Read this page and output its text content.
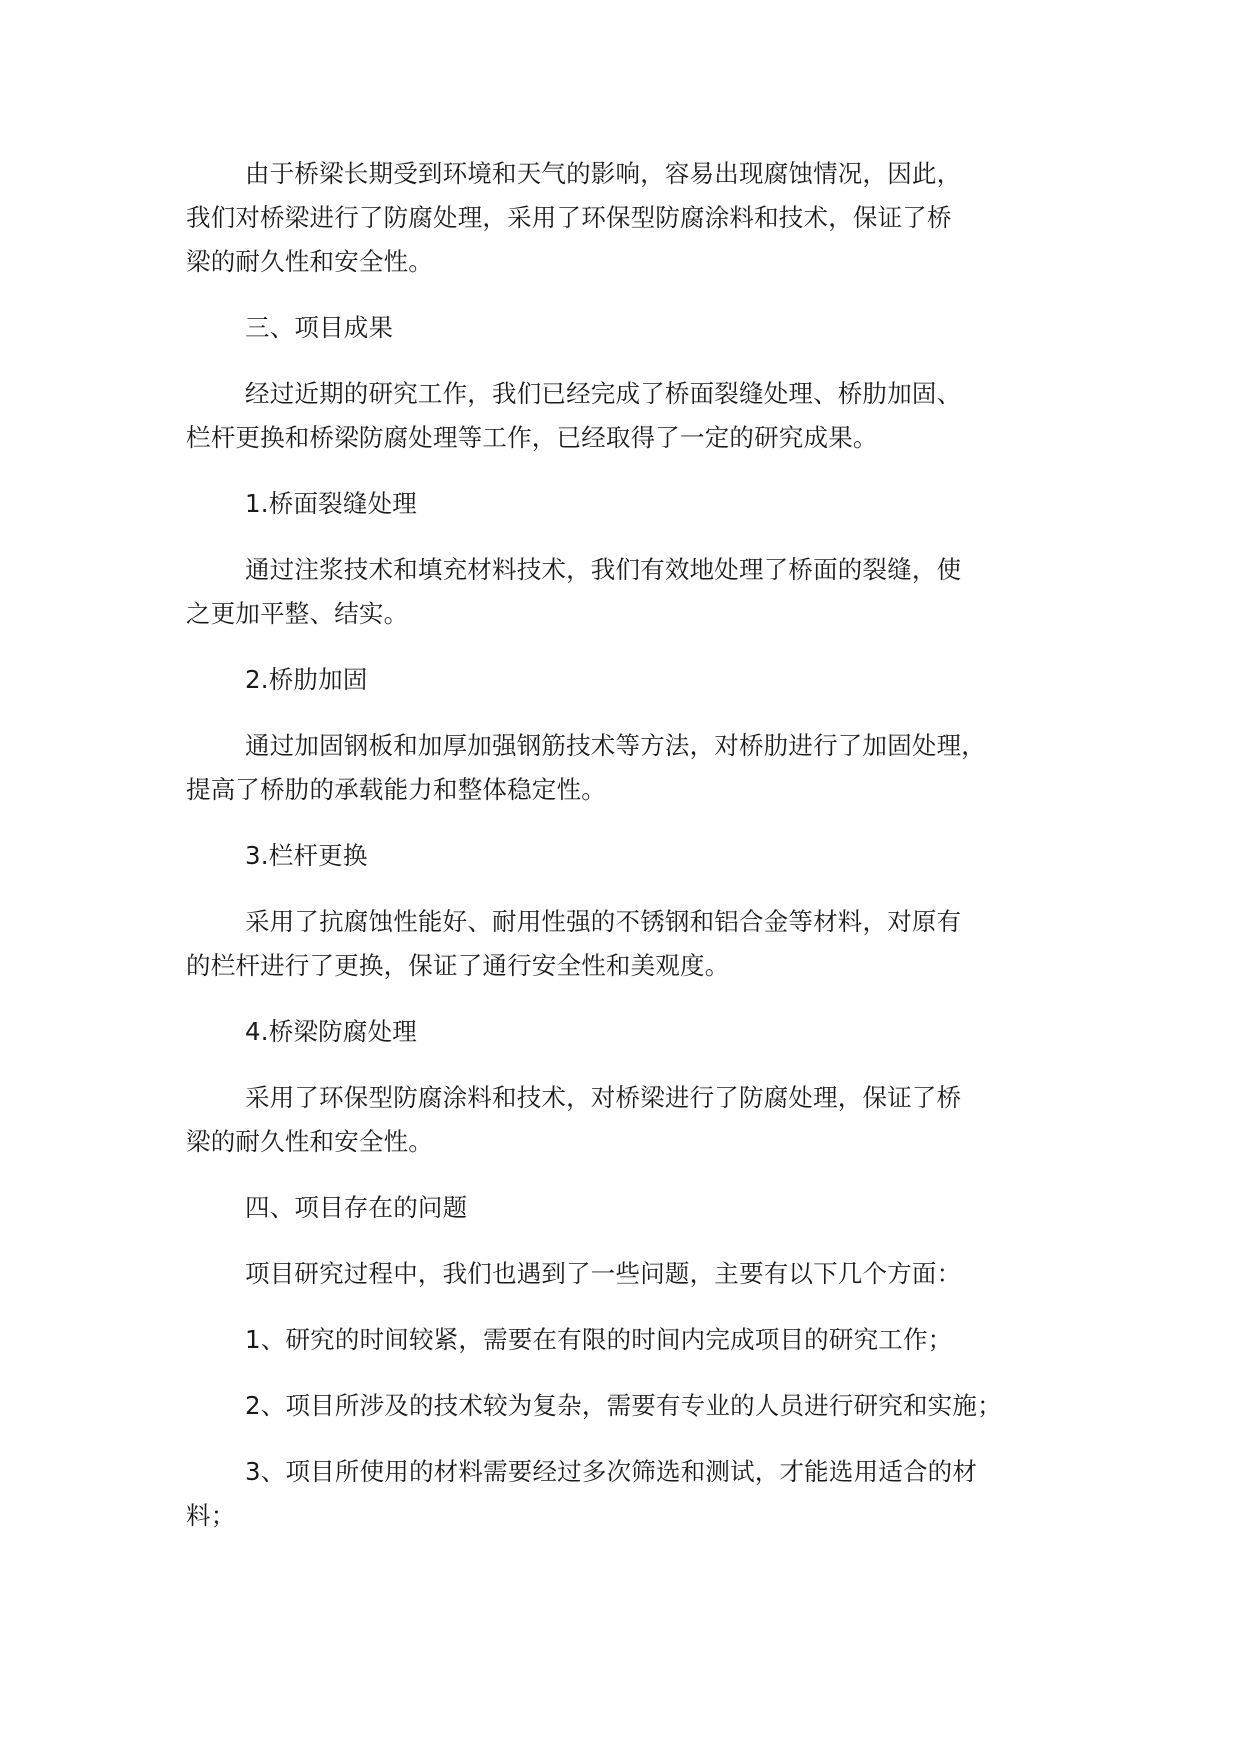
由于桥梁长期受到环境和天气的影响，容易出现腐蚀情况，因此，
我们对桥梁进行了防腐处理，采用了环保型防腐涂料和技术，保证了桥
梁的耐久性和安全性。

三、项目成果

经过近期的研究工作，我们已经完成了桥面裂缝处理、桥肋加固、
栏杆更换和桥梁防腐处理等工作，已经取得了一定的研究成果。

1.桥面裂缝处理

通过注浆技术和填充材料技术，我们有效地处理了桥面的裂缝，使
之更加平整、结实。

2.桥肋加固

通过加固钢板和加厚加强钢筋技术等方法，对桥肋进行了加固处理，
提高了桥肋的承载能力和整体稳定性。

3.栏杆更换

采用了抗腐蚀性能好、耐用性强的不锈钢和铝合金等材料，对原有
的栏杆进行了更换，保证了通行安全性和美观度。

4.桥梁防腐处理

采用了环保型防腐涂料和技术，对桥梁进行了防腐处理，保证了桥
梁的耐久性和安全性。

四、项目存在的问题

项目研究过程中，我们也遇到了一些问题，主要有以下几个方面：

1、研究的时间较紧，需要在有限的时间内完成项目的研究工作；

2、项目所涉及的技术较为复杂，需要有专业的人员进行研究和实施；

3、项目所使用的材料需要经过多次筛选和测试，才能选用适合的材
料；
